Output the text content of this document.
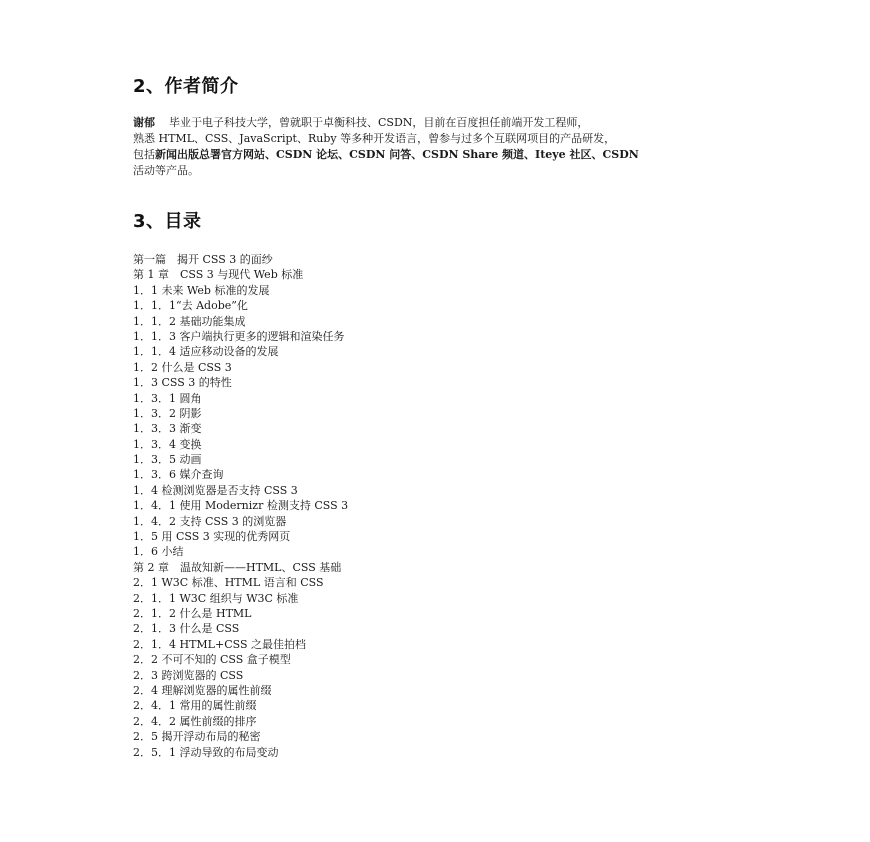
2、作者简介
谢郁 毕业于电子科技大学，曾就职于卓衡科技、CSDN，目前在百度担任前端开发工程师，
熟悉 HTML、CSS、JavaScript、Ruby 等多种开发语言，曾参与过多个互联网项目的产品研发，
包括新闻出版总署官方网站、CSDN 论坛、CSDN 问答、CSDN Share 频道、Iteye 社区、CSDN
活动等产品。
3、目录
第一篇　揭开 CSS 3 的面纱
第 1 章　CSS 3 与现代 Web 标准
1．1 未来 Web 标准的发展
1．1．1“去 Adobe”化
1．1．2 基础功能集成
1．1．3 客户端执行更多的逻辑和渲染任务
1．1．4 适应移动设备的发展
1．2 什么是 CSS 3
1．3 CSS 3 的特性
1．3．1 圆角
1．3．2 阴影
1．3．3 渐变
1．3．4 变换
1．3．5 动画
1．3．6 媒介查询
1．4 检测浏览器是否支持 CSS 3
1．4．1 使用 Modernizr 检测支持 CSS 3
1．4．2 支持 CSS 3 的浏览器
1．5 用 CSS 3 实现的优秀网页
1．6 小结
第 2 章　温故知新——HTML、CSS 基础
2．1 W3C 标准、HTML 语言和 CSS
2．1．1 W3C 组织与 W3C 标准
2．1．2 什么是 HTML
2．1．3 什么是 CSS
2．1．4 HTML+CSS 之最佳拍档
2．2 不可不知的 CSS 盒子模型
2．3 跨浏览器的 CSS
2．4 理解浏览器的属性前缀
2．4．1 常用的属性前缀
2．4．2 属性前缀的排序
2．5 揭开浮动布局的秘密
2．5．1 浮动导致的布局变动
